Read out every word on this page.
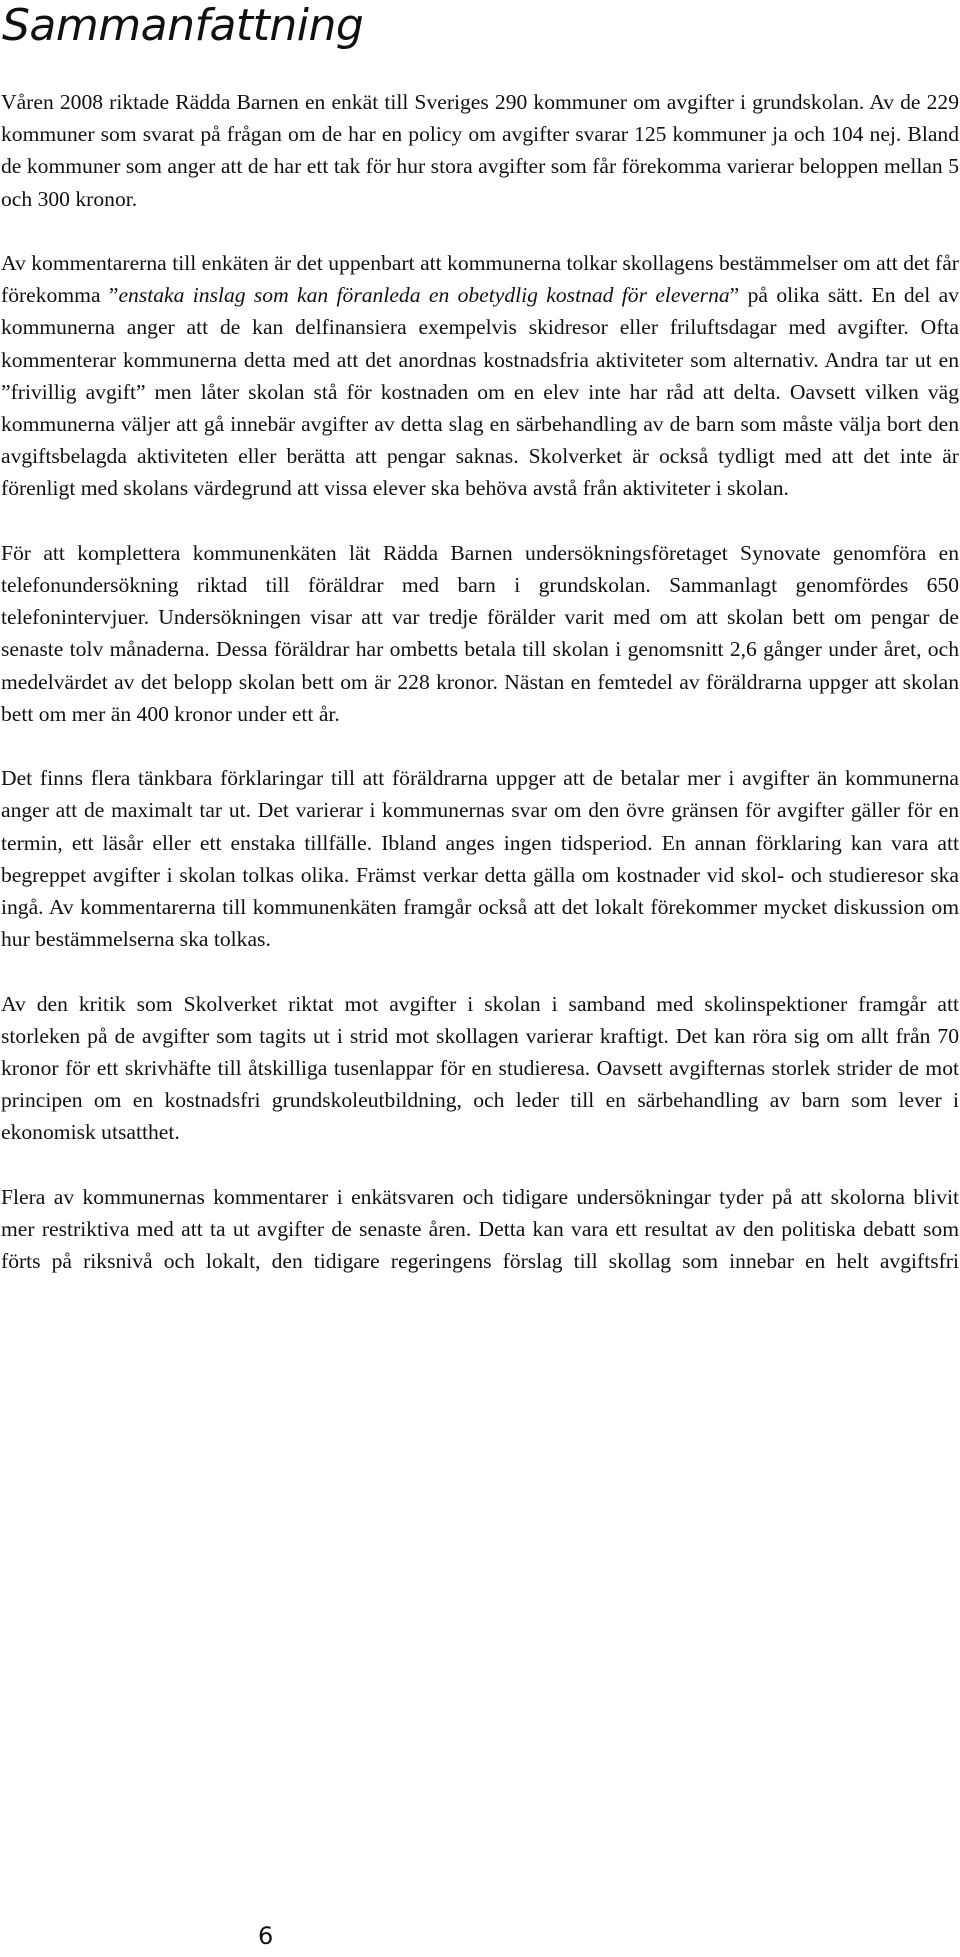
Sammanfattning

Våren 2008 riktade Rädda Barnen en enkät till Sveriges 290 kommuner om avgifter i grundskolan. Av de 229 kommuner som svarat på frågan om de har en policy om avgifter svarar 125 kommuner ja och 104 nej. Bland de kommuner som anger att de har ett tak för hur stora avgifter som får förekomma varierar beloppen mellan 5 och 300 kronor.

Av kommentarerna till enkäten är det uppenbart att kommunerna tolkar skollagens bestämmelser om att det får förekomma ”enstaka inslag som kan föranleda en obetydlig kostnad för eleverna” på olika sätt. En del av kommunerna anger att de kan delfinansiera exempelvis skidresor eller friluftsdagar med avgifter. Ofta kommenterar kommunerna detta med att det anordnas kostnadsfria aktiviteter som alternativ. Andra tar ut en ”frivillig avgift” men låter skolan stå för kostnaden om en elev inte har råd att delta. Oavsett vilken väg kommunerna väljer att gå innebär avgifter av detta slag en särbehandling av de barn som måste välja bort den avgiftsbelagda aktiviteten eller berätta att pengar saknas. Skolverket är också tydligt med att det inte är förenligt med skolans värdegrund att vissa elever ska behöva avstå från aktiviteter i skolan.

För att komplettera kommunenkäten lät Rädda Barnen undersökningsföretaget Synovate genomföra en telefonundersökning riktad till föräldrar med barn i grundskolan. Sammanlagt genomfördes 650 telefonintervjuer. Undersökningen visar att var tredje förälder varit med om att skolan bett om pengar de senaste tolv månaderna. Dessa föräldrar har ombetts betala till skolan i genomsnitt 2,6 gånger under året, och medelvärdet av det belopp skolan bett om är 228 kronor. Nästan en femtedel av föräldrarna uppger att skolan bett om mer än 400 kronor under ett år.

Det finns flera tänkbara förklaringar till att föräldrarna uppger att de betalar mer i avgifter än kommunerna anger att de maximalt tar ut. Det varierar i kommunernas svar om den övre gränsen för avgifter gäller för en termin, ett läsår eller ett enstaka tillfälle. Ibland anges ingen tidsperiod. En annan förklaring kan vara att begreppet avgifter i skolan tolkas olika. Främst verkar detta gälla om kostnader vid skol- och studieresor ska ingå. Av kommentarerna till kommunenkäten framgår också att det lokalt förekommer mycket diskussion om hur bestämmelserna ska tolkas.

Av den kritik som Skolverket riktat mot avgifter i skolan i samband med skolinspektioner framgår att storleken på de avgifter som tagits ut i strid mot skollagen varierar kraftigt. Det kan röra sig om allt från 70 kronor för ett skrivhäfte till åtskilliga tusenlappar för en studieresa. Oavsett avgifternas storlek strider de mot principen om en kostnadsfri grundskoleutbildning, och leder till en särbehandling av barn som lever i ekonomisk utsatthet.

Flera av kommunernas kommentarer i enkätsvaren och tidigare undersökningar tyder på att skolorna blivit mer restriktiva med att ta ut avgifter de senaste åren. Detta kan vara ett resultat av den politiska debatt som förts på riksnivå och lokalt, den tidigare regeringens förslag till skollag som innebar en helt avgiftsfri

6
